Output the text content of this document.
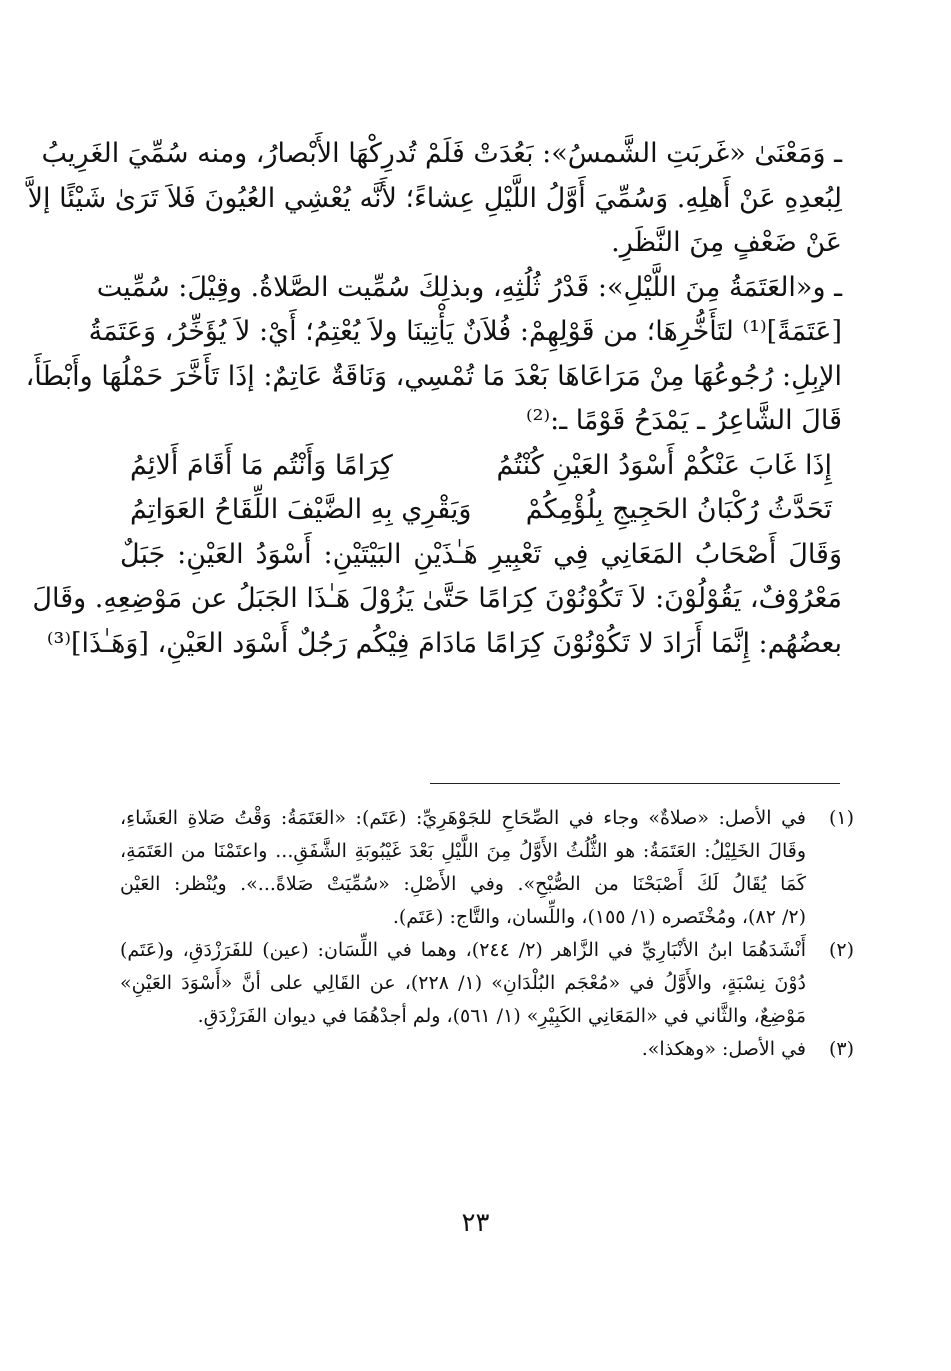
ـ وَمَعْنَىٰ «غَربَتِ الشَّمسُ»: بَعُدَتْ فَلَمْ تُدرِكْهَا الأَبْصارُ، ومنه سُمِّيَ الغَرِيبُ
لِبُعدِهِ عَنْ أَهلِهِ. وَسُمِّيَ أَوَّلُ اللَّيْلِ عِشاءً؛ لأَنَّه يُعْشِي العُيُونَ فَلاَ تَرَىٰ شَيْئًا إلاَّ
عَنْ ضَعْفٍ مِنَ النَّظَرِ.
ـ و«العَتَمَةُ مِنَ اللَّيْلِ»: قَدْرُ ثُلُثِهِ، وبذلِكَ سُمِّيت الصَّلاةُ. وقِيْلَ: سُمِّيت
[عَتَمَةً]⁽¹⁾ لتَأَخُّرِهَا؛ من قَوْلِهِمْ: فُلاَنٌ يَأْتِينَا ولاَ يُعْتِمُ؛ أَيْ: لاَ يُؤَخِّرُ، وَعَتَمَةُ
الإبِلِ: رُجُوعُهَا مِنْ مَرَاعَاهَا بَعْدَ مَا تُمْسِي، وَنَاقَةٌ عَاتِمٌ: إذَا تَأَخَّرَ حَمْلُهَا وأَبْطَأَ،
قَالَ الشَّاعِرُ ـ يَمْدَحُ قَوْمًا ـ:⁽²⁾
إِذَا غَابَ عَنْكُمْ أَسْوَدُ العَيْنِ كُنْتُمُ
كِرَامًا وَأَنْتُم مَا أَقَامَ أَلائِمُ
تَحَدَّثُ رُكْبَانُ الحَجِيجِ بِلُؤْمِكُمْ
وَيَقْرِي بِهِ الضَّيْفَ اللِّقَاحُ العَوَاتِمُ
وَقَالَ أَصْحَابُ المَعَانِي فِي تَعْبِيرِ هَـٰذَيْنِ البَيْتَيْنِ: أَسْوَدُ العَيْنِ: جَبَلٌ
مَعْرُوْفٌ، يَقُوْلُوْنَ: لاَ تَكُوْنُوْنَ كِرَامًا حَتَّىٰ يَزُوْلَ هَـٰذَا الجَبَلُ عن مَوْضِعِهِ. وقَالَ
بعضُهُم: إِنَّمَا أَرَادَ لا تَكُوْنُوْنَ كِرَامًا مَادَامَ فِيْكُم رَجُلٌ أَسْوَد العَيْنِ، [وَهَـٰذَا]⁽³⁾
(١)
في الأصل: «صلاةٌ» وجاء في الصِّحَاحِ للجَوْهَرِيِّ: (عَتَم): «العَتَمَةُ: وَقْتُ صَلاةِ العَشَاءِ،
وقَالَ الخَلِيْلُ: العَتَمَةُ: هو الثُّلُثُ الأَوَّلُ مِنَ اللَّيْلِ بَعْدَ غَيْبُوبَةِ الشَّفَقِ... واعتَمْنَا من العَتَمَةِ،
كَمَا يُقَالُ لَكَ أَصْبَحْنَا من الصُّبْحِ». وفي الأَصْلِ: «سُمِّيَتْ صَلاةً...». ويُنْظر: العَيْن
(٢/ ٨٢)، ومُخْتَصره (١/ ١٥٥)، واللِّسان، والتَّاج: (عَتَم).
(٢)
أَنْشَدَهُمَا ابنُ الأنْبَارِيِّ في الزَّاهر (٢/ ٢٤٤)، وهما في اللِّسَان: (عين) للفَرَزْدَقِ، و(عَتَم)
دُوْنَ نِسْبَةٍ، والأَوَّلُ في «مُعْجَم البُلْدَانِ» (١/ ٢٢٨)، عن القَالِي على أنَّ «أَسْوَدَ العَيْنِ»
مَوْضِعٌ، والثَّاني في «المَعَانِي الكَبِيْرِ» (١/ ٥٦١)، ولم أجدْهُمَا في ديوان الفَرَزْدَقِ.
(٣)
في الأصل: «وهكذا».
٢٣
